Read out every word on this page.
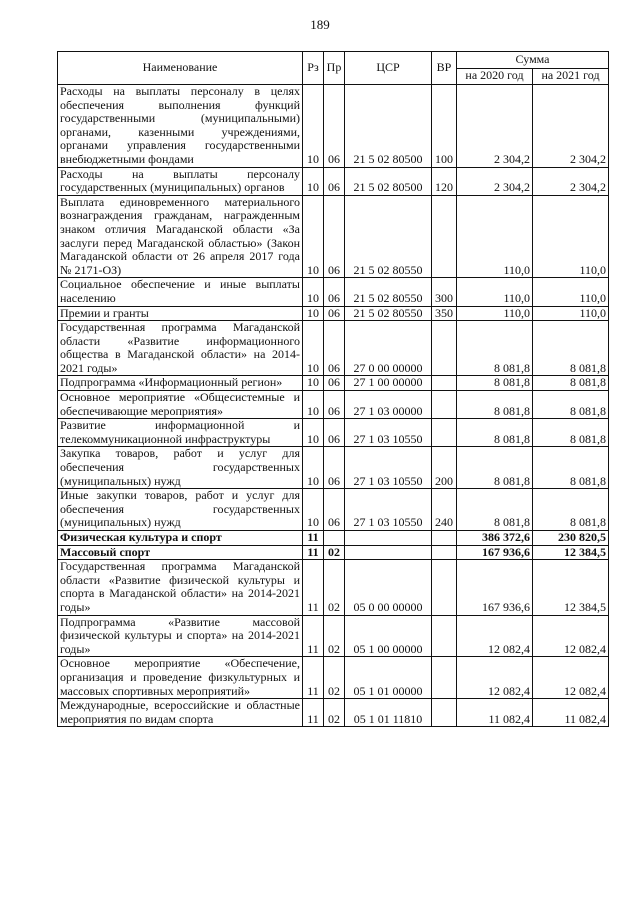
189
Наименование	Рз	Пр	ЦСР	ВР	Сумма	
					на 2020 год	на 2021 год
Расходы на выплаты персоналу в целях обеспечения выполнения функций государственными (муниципальными) органами, казенными учреждениями, органами управления государственными внебюджетными фондами	10	06	21 5 02 80500	100	2 304,2	2 304,2
Расходы на выплаты персоналу государственных (муниципальных) органов	10	06	21 5 02 80500	120	2 304,2	2 304,2
Выплата единовременного материального вознаграждения гражданам, награжденным знаком отличия Магаданской области «За заслуги перед Магаданской областью» (Закон Магаданской области от 26 апреля 2017 года № 2171-ОЗ)	10	06	21 5 02 80550		110,0	110,0
Социальное обеспечение и иные выплаты населению	10	06	21 5 02 80550	300	110,0	110,0
Премии и гранты	10	06	21 5 02 80550	350	110,0	110,0
Государственная программа Магаданской области «Развитие информационного общества в Магаданской области» на 2014-2021 годы»	10	06	27 0 00 00000		8 081,8	8 081,8
Подпрограмма «Информационный регион»	10	06	27 1 00 00000		8 081,8	8 081,8
Основное мероприятие «Общесистемные и обеспечивающие мероприятия»	10	06	27 1 03 00000		8 081,8	8 081,8
Развитие информационной и телекоммуникационной инфраструктуры	10	06	27 1 03 10550		8 081,8	8 081,8
Закупка товаров, работ и услуг для обеспечения государственных (муниципальных) нужд	10	06	27 1 03 10550	200	8 081,8	8 081,8
Иные закупки товаров, работ и услуг для обеспечения государственных (муниципальных) нужд	10	06	27 1 03 10550	240	8 081,8	8 081,8
Физическая культура и спорт	11				386 372,6	230 820,5
Массовый спорт	11	02			167 936,6	12 384,5
Государственная программа Магаданской области «Развитие физической культуры и спорта в Магаданской области» на 2014-2021 годы»	11	02	05 0 00 00000		167 936,6	12 384,5
Подпрограмма «Развитие массовой физической культуры и спорта» на 2014-2021 годы»	11	02	05 1 00 00000		12 082,4	12 082,4
Основное мероприятие «Обеспечение, организация и проведение физкультурных и массовых спортивных мероприятий»	11	02	05 1 01 00000		12 082,4	12 082,4
Международные, всероссийские и областные мероприятия по видам спорта	11	02	05 1 01 11810		11 082,4	11 082,4
